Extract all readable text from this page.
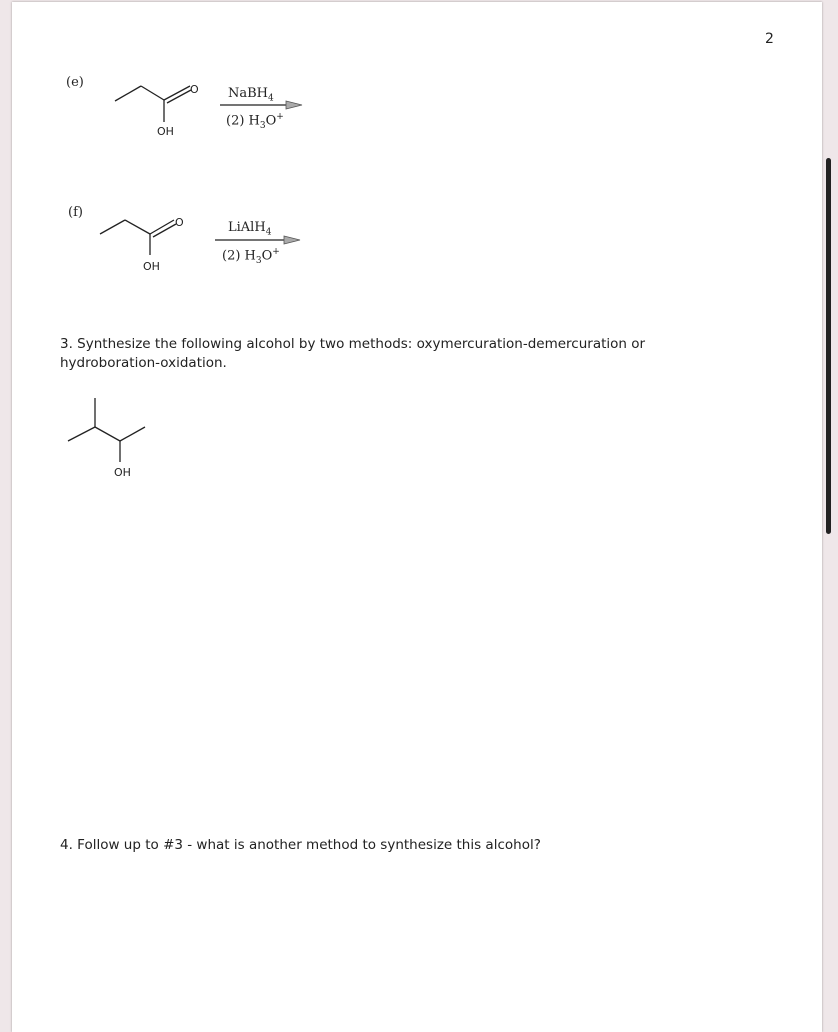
2
(e)
NaBH$_4$
(2) $H_3O^+$
(f)
LiAlH$_4$
(2) $H_3O^+$
O
OH
O
OH
OH
3. Synthesize the following alcohol by two methods: oxymercuration-demercuration or
hydroboration-oxidation.
4. Follow up to #3 - what is another method to synthesize this alcohol?
